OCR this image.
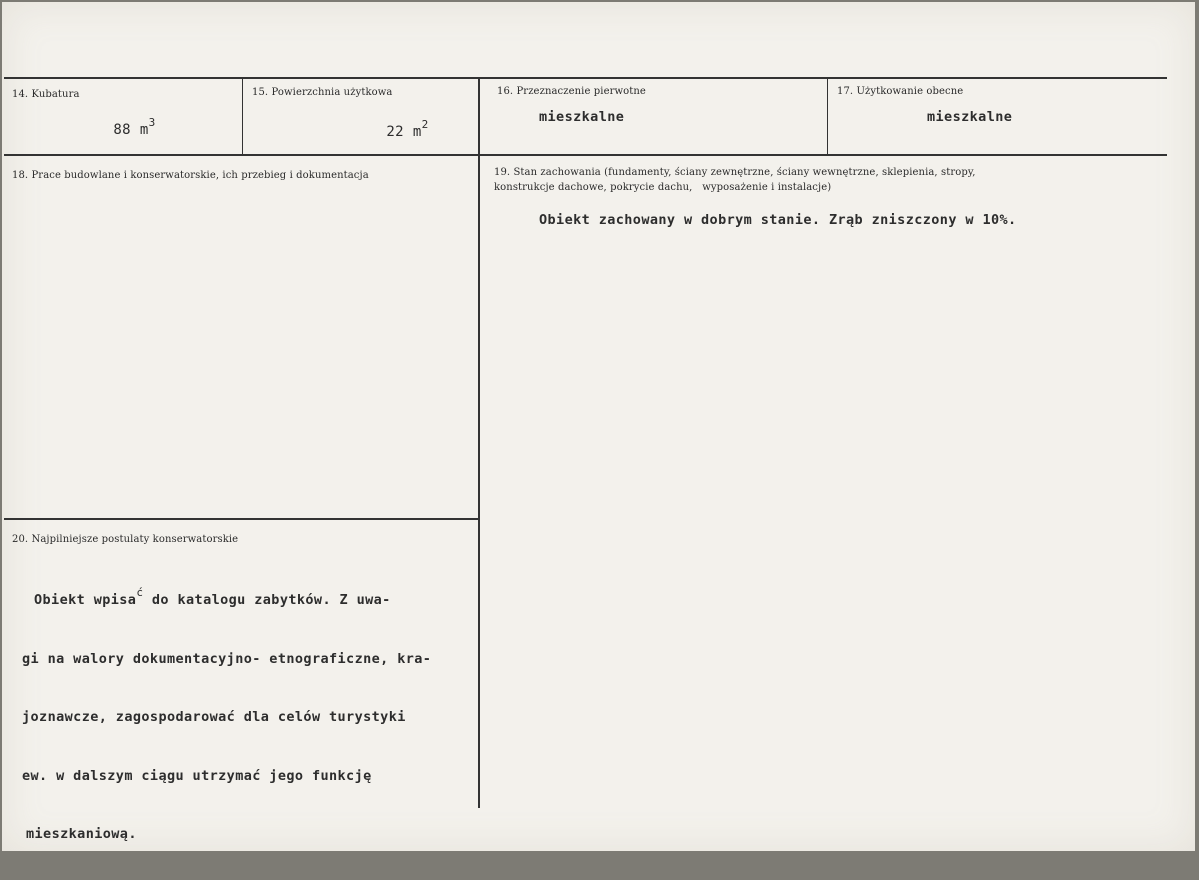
14. Kubatura

88 $m^3$

15. Powierzchnia użytkowa

22 $m^2$

16. Przeznaczenie pierwotne
mieszkalne
17. Użytkowanie obecne
mieszkalne
18. Prace budowlane i konserwatorskie, ich przebieg i dokumentacja	19. Stan zachowania (fundamenty, ściany zewnętrzne, ściany wewnętrzne, sklepienia, stropy,
konstrukcje dachowe, pokrycie dachu,   wyposażenie i instalacje)
Obiekt zachowany w dobrym stanie. Zrąb zniszczony w 10%.
20. Najpilniejsze postulaty konserwatorskie

Obiekt wpisa$^ć$ do katalogu zabytków. Z uwa-

gi na walory dokumentacyjno- etnograficzne, kra-

joznawcze, zagospodarować dla celów turystyki

ew. w dalszym ciągu utrzymać jego funkcję

mieszkaniową.
